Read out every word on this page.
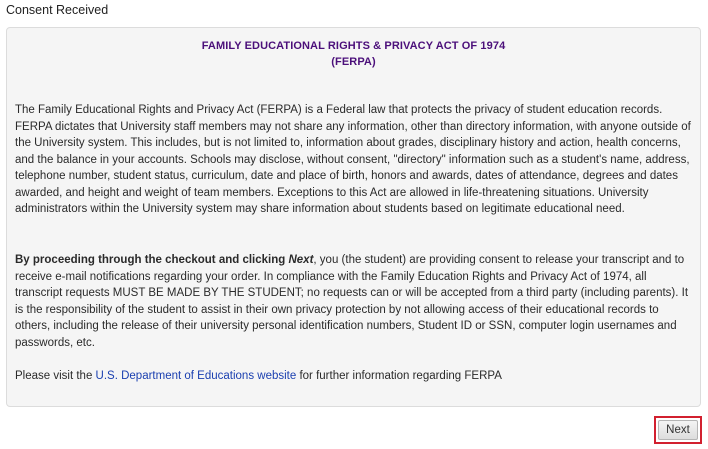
Consent Received
FAMILY EDUCATIONAL RIGHTS & PRIVACY ACT OF 1974
(FERPA)

The Family Educational Rights and Privacy Act (FERPA) is a Federal law that protects the privacy of student education records. FERPA dictates that University staff members may not share any information, other than directory information, with anyone outside of the University system. This includes, but is not limited to, information about grades, disciplinary history and action, health concerns, and the balance in your accounts. Schools may disclose, without consent, "directory" information such as a student's name, address, telephone number, student status, curriculum, date and place of birth, honors and awards, dates of attendance, degrees and dates awarded, and height and weight of team members. Exceptions to this Act are allowed in life-threatening situations. University administrators within the University system may share information about students based on legitimate educational need.

By proceeding through the checkout and clicking Next, you (the student) are providing consent to release your transcript and to receive e-mail notifications regarding your order. In compliance with the Family Education Rights and Privacy Act of 1974, all transcript requests MUST BE MADE BY THE STUDENT; no requests can or will be accepted from a third party (including parents). It is the responsibility of the student to assist in their own privacy protection by not allowing access of their educational records to others, including the release of their university personal identification numbers, Student ID or SSN, computer login usernames and passwords, etc.

Please visit the U.S. Department of Educations website for further information regarding FERPA

Next
